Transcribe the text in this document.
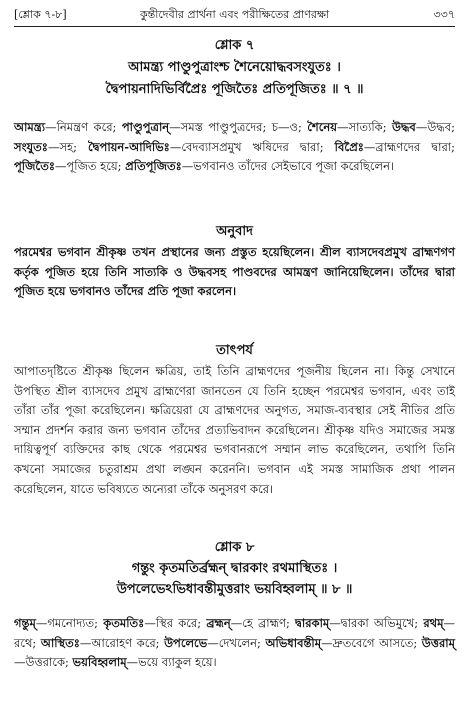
[শ্লোক ৭-৮]	কুন্তীদেবীর প্রার্থনা এবং পরীক্ষিতের প্রাণরক্ষা	৩৩৭
শ্লোক ৭
আমন্ত্র্য পাণ্ডুপুত্রাংশ্চ শৈনেয়োদ্ধবসংযুতঃ ।
দ্বৈপায়নাদিভির্বিপ্রৈঃ পূজিতৈঃ প্রতিপূজিতঃ ॥ ৭ ॥

আমন্ত্র্য—নিমন্ত্রণ করে; পাণ্ডুপুত্রান্—সমস্ত পাণ্ডুপুত্রদের; চ—ও; শৈনেয়—সাত্যকি; উদ্ধব—উদ্ধব; সংযুতঃ—সহ; দ্বৈপায়ন-আদিভিঃ—বেদব্যাসপ্রমুখ ঋষিদের দ্বারা; বিপ্রৈঃ—ব্রাহ্মণদের দ্বারা; পূজিতৈঃ—পূজিত হয়ে; প্রতিপূজিতঃ—ভগবানও তাঁদের সেইভাবে পূজা করেছিলেন।

অনুবাদ

পরমেশ্বর ভগবান শ্রীকৃষ্ণ তখন প্রস্থানের জন্য প্রস্তুত হয়েছিলেন। শ্রীল ব্যাসদেবপ্রমুখ ব্রাহ্মণগণ কর্তৃক পূজিত হয়ে তিনি সাত্যকি ও উদ্ধবসহ পাণ্ডবদের আমন্ত্রণ জানিয়েছিলেন। তাঁদের দ্বারা পূজিত হয়ে ভগবানও তাঁদের প্রতি পূজা করলেন।

তাৎপর্য

আপাতদৃষ্টিতে শ্রীকৃষ্ণ ছিলেন ক্ষত্রিয়, তাই তিনি ব্রাহ্মণদের পূজনীয় ছিলেন না। কিন্তু সেখানে উপস্থিত শ্রীল ব্যাসদেব প্রমুখ ব্রাহ্মণেরা জানতেন যে তিনি হচ্ছেন পরমেশ্বর ভগবান, এবং তাই তাঁরা তাঁর পূজা করেছিলেন। ক্ষত্রিয়েরা যে ব্রাহ্মণদের অনুগত, সমাজ-ব্যবস্থার সেই নীতির প্রতি সম্মান প্রদর্শন করার জন্য ভগবান তাঁদের প্রত্যভিবাদন করেছিলেন। শ্রীকৃষ্ণ যদিও সমাজের সমস্ত দায়িত্বপূর্ণ ব্যক্তিদের কাছ থেকে পরমেশ্বর ভগবানরূপে সম্মান লাভ করেছিলেন, তথাপি তিনি কখনো সমাজের চতুরাশ্রম প্রথা লঙ্ঘন করেননি। ভগবান এই সমস্ত সামাজিক প্রথা পালন করেছিলেন, যাতে ভবিষ্যতে অন্যেরা তাঁকে অনুসরণ করে।

শ্লোক ৮
গন্তুং কৃতমতির্ব্রহ্মন্ দ্বারকাং রথমাস্থিতঃ ।
উপলেভেঽভিধাবন্তীমুত্তরাং ভয়বিহ্বলাম্ ॥ ৮ ॥

গন্তুম্—গমনোদ্যত; কৃতমতিঃ—স্থির করে; ব্রহ্মন্—হে ব্রাহ্মণ; দ্বারকাম্—দ্বারকা অভিমুখে; রথম্—রথে; আস্থিতঃ—আরোহণ করে; উপলেভে—দেখলেন; অভিধাবন্তীম্—দ্রুতবেগে আসতে; উত্তরাম্—উত্তরাকে; ভয়বিহ্বলাম্—ভয়ে ব্যাকুল হয়ে।
